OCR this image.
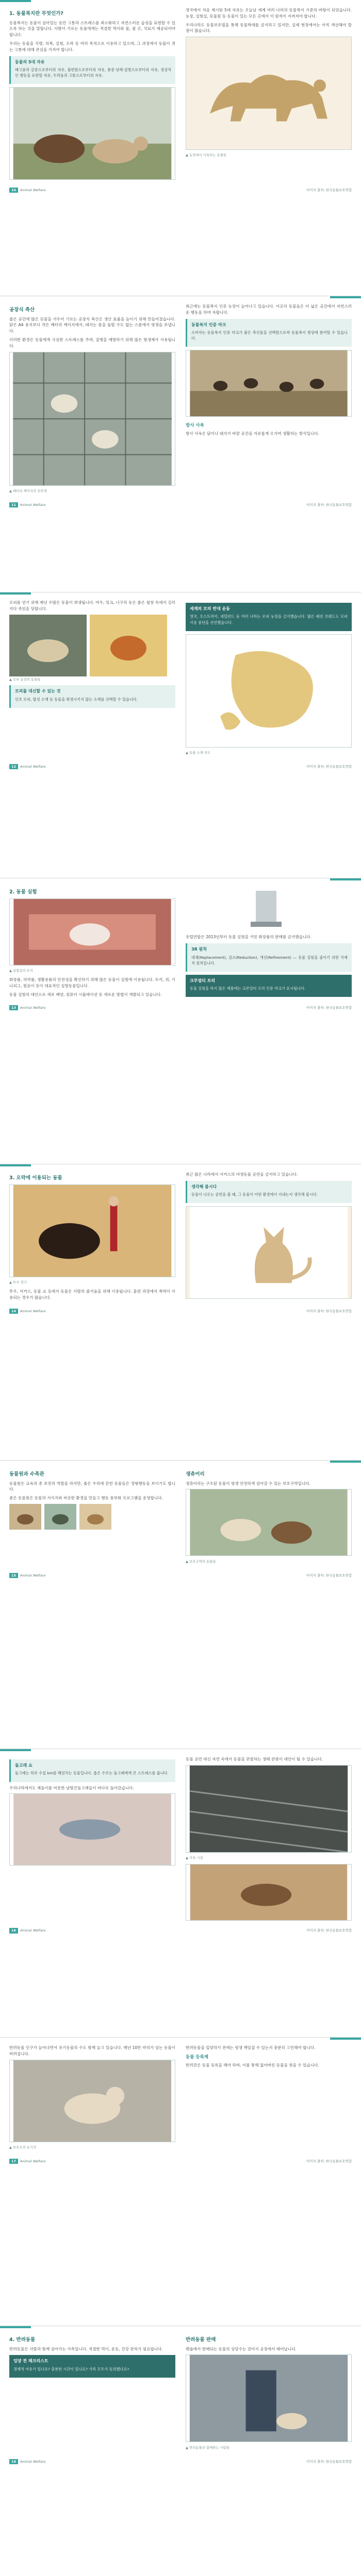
1. 동물복지란 무엇인가?

동물복지는 동물이 살아있는 동안 고통과 스트레스를 최소화하고 자연스러운 습성을 표현할 수 있도록 하는 것을 말합니다. 사람이 기르는 동물에게는 적절한 먹이와 물, 쉴 곳, 치료가 제공되어야 합니다.

우리는 동물을 식량, 의복, 실험, 오락 등 여러 목적으로 이용하고 있으며, 그 과정에서 동물이 겪는 고통에 대해 관심을 가져야 합니다.

동물의 5대 자유

배고픔과 갈증으로부터의 자유, 불편함으로부터의 자유, 통증·상해·질병으로부터의 자유, 정상적인 행동을 표현할 자유, 두려움과 고통으로부터의 자유.

영국에서 처음 제시된 5대 자유는 오늘날 세계 여러 나라의 동물복지 기준의 바탕이 되었습니다. 농장, 실험실, 동물원 등 동물이 있는 모든 곳에서 이 원칙이 지켜져야 합니다.

우리나라도 동물보호법을 통해 동물학대를 금지하고 있지만, 실제 현장에서는 아직 개선해야 할 점이 많습니다.

▲ 농장에서 사육되는 동물들
10 Animal Welfare	이미지 출처: 한국동물보호연합
공장식 축산

좁은 공간에 많은 동물을 가두어 기르는 공장식 축산은 생산 효율을 높이기 위해 만들어졌습니다. 닭은 A4 용지보다 작은 배터리 케이지에서, 돼지는 몸을 돌릴 수도 없는 스톨에서 평생을 보냅니다.

이러한 환경은 동물에게 극심한 스트레스를 주며, 질병을 예방하기 위해 많은 항생제가 사용됩니다.

▲ 배터리 케이지의 산란계

최근에는 동물복지 인증 농장이 늘어나고 있습니다. 이곳의 동물들은 더 넓은 공간에서 자연스러운 행동을 하며 자랍니다.

동물복지 인증 마크

소비자는 동물복지 인증 마크가 붙은 축산물을 선택함으로써 동물복지 향상에 참여할 수 있습니다.

방사 사육

방사 사육은 닭이나 돼지가 바깥 공간을 자유롭게 오가며 생활하는 방식입니다.

11 Animal Welfare	이미지 출처: 한국동물보호연합

모피를 얻기 위해 매년 수많은 동물이 희생됩니다. 여우, 밍크, 너구리 등은 좁은 철창 속에서 길러지다 죽임을 당합니다.

▲ 모피 농장의 동물들
모피를 대신할 수 있는 것

인조 모피, 합성 소재 등 동물을 희생시키지 않는 소재를 선택할 수 있습니다.

세계의 모피 반대 운동

영국, 오스트리아, 네덜란드 등 여러 나라는 모피 농장을 금지했습니다. 많은 패션 브랜드도 모피 사용 중단을 선언했습니다.

▲ 동물 소재 지도
12 Animal Welfare	이미지 출처: 한국동물보호연합
2. 동물 실험
▲ 실험실의 토끼

화장품, 의약품, 생활용품의 안전성을 확인하기 위해 많은 동물이 실험에 이용됩니다. 토끼, 쥐, 기니피그, 원숭이 등이 대표적인 실험동물입니다.

동물 실험의 대안으로 세포 배양, 컴퓨터 시뮬레이션 등 새로운 방법이 개발되고 있습니다.

유럽연합은 2013년부터 동물 실험을 거친 화장품의 판매를 금지했습니다.

3R 원칙

대체(Replacement), 감소(Reduction), 개선(Refinement) — 동물 실험을 줄이기 위한 국제적 원칙입니다.

크루얼티 프리

동물 실험을 하지 않은 제품에는 크루얼티 프리 인증 마크가 표시됩니다.

13 Animal Welfare	이미지 출처: 한국동물보호연합
3. 오락에 이용되는 동물
▲ 투우 경기

투우, 서커스, 동물 쇼 등에서 동물은 사람의 즐거움을 위해 이용됩니다. 훈련 과정에서 폭력이 사용되는 경우가 많습니다.

최근 많은 나라에서 서커스의 야생동물 공연을 금지하고 있습니다.

생각해 봅시다

동물이 나오는 공연을 볼 때, 그 동물이 어떤 환경에서 지내는지 생각해 봅시다.

14 Animal Welfare	이미지 출처: 한국동물보호연합
동물원과 수족관

동물원은 교육과 종 보전의 역할을 하지만, 좁은 우리에 갇힌 동물들은 정형행동을 보이기도 합니다.

좋은 동물원은 동물의 서식지와 비슷한 환경을 만들고 행동 풍부화 프로그램을 운영합니다.

생츄어리

생츄어리는 구조된 동물이 평생 안전하게 살아갈 수 있는 보호구역입니다.

▲ 보호구역의 동물들
15 Animal Welfare	이미지 출처: 한국동물보호연합
돌고래 쇼

돌고래는 하루 수십 km를 헤엄치는 동물입니다. 좁은 수조는 돌고래에게 큰 스트레스를 줍니다.

우리나라에서도 제돌이를 비롯한 남방큰돌고래들이 바다로 돌아갔습니다.

동물 공연 대신 자연 속에서 동물을 관찰하는 생태 관광이 대안이 될 수 있습니다.

▲ 사육 시설
16 Animal Welfare	이미지 출처: 한국동물보호연합

반려동물 인구가 늘어나면서 유기동물의 수도 함께 늘고 있습니다. 매년 10만 마리가 넘는 동물이 버려집니다.

▲ 보호소의 유기견

반려동물을 입양하기 전에는 평생 책임질 수 있는지 충분히 고민해야 합니다.

동물 등록제

반려견은 동물 등록을 해야 하며, 이를 통해 잃어버린 동물을 찾을 수 있습니다.

17 Animal Welfare	이미지 출처: 한국동물보호연합
4. 반려동물

반려동물은 사람과 함께 살아가는 가족입니다. 적절한 먹이, 운동, 건강 관리가 필요합니다.

입양 전 체크리스트

경제적 여유가 있나요? 충분한 시간이 있나요? 가족 모두가 동의했나요?

반려동물 판매

펫숍에서 판매되는 동물의 상당수는 강아지 공장에서 태어납니다.

▲ 반려동물과 함께하는 사람들
18 Animal Welfare	이미지 출처: 한국동물보호연합
